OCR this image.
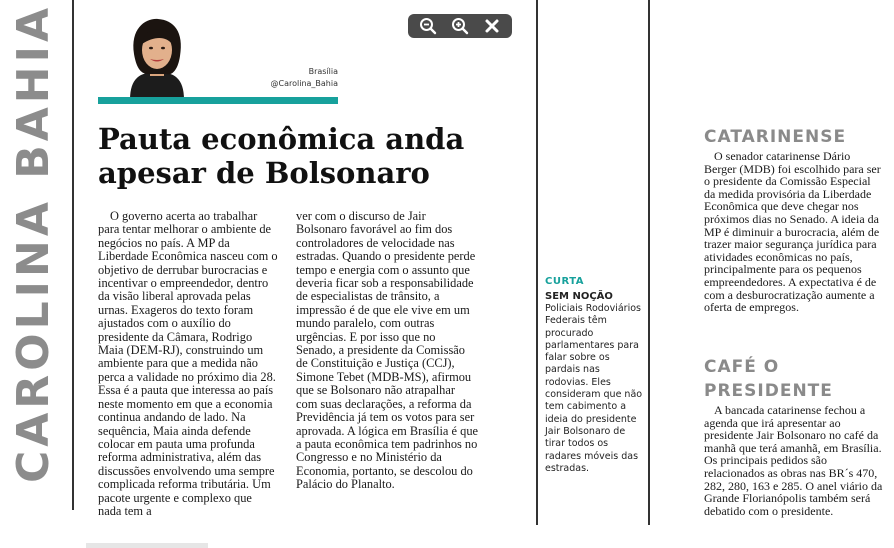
CAROLINA BAHIA	Brasília
@Carolina_Bahia
Pauta econômica anda apesar de Bolsonaro

O governo acerta ao trabalhar para tentar melhorar o ambiente de negócios no país. A MP da Liberdade Econômica nasceu com o objetivo de derrubar burocracias e incentivar o empreendedor, dentro da visão liberal aprovada pelas urnas. Exageros do texto foram ajustados com o auxílio do presidente da Câmara, Rodrigo Maia (DEM-RJ), construindo um ambiente para que a medida não perca a validade no próximo dia 28. Essa é a pauta que interessa ao país neste momento em que a economia continua andando de lado. Na sequência, Maia ainda defende colocar em pauta uma profunda reforma administrativa, além das discussões envolvendo uma sempre complicada reforma tributária. Um pacote urgente e complexo que nada tem a

ver com o discurso de Jair Bolsonaro favorável ao fim dos controladores de velocidade nas estradas. Quando o presidente perde tempo e energia com o assunto que deveria ficar sob a responsabilidade de especialistas de trânsito, a impressão é de que ele vive em um mundo paralelo, com outras urgências. E por isso que no Senado, a presidente da Comissão de Constituição e Justiça (CCJ), Simone Tebet (MDB-MS), afirmou que se Bolsonaro não atrapalhar com suas declarações, a reforma da Previdência já tem os votos para ser aprovada. A lógica em Brasília é que a pauta econômica tem padrinhos no Congresso e no Ministério da Economia, portanto, se descolou do Palácio do Planalto.

CURTA
SEM NOÇÃO

Policiais Rodoviários Federais têm procurado parlamentares para falar sobre os pardais nas rodovias. Eles consideram que não tem cabimento a ideia do presidente Jair Bolsonaro de tirar todos os radares móveis das estradas.

CATARINENSE

O senador catarinense Dário Berger (MDB) foi escolhido para ser o presidente da Comissão Especial da medida provisória da Liberdade Econômica que deve chegar nos próximos dias no Senado. A ideia da MP é diminuir a burocracia, além de trazer maior segurança jurídica para atividades econômicas no país, principalmente para os pequenos empreendedores. A expectativa é de com a desburocratização aumente a oferta de empregos.

CAFÉ O PRESIDENTE

A bancada catarinense fechou a agenda que irá apresentar ao presidente Jair Bolsonaro no café da manhã que terá amanhã, em Brasília. Os principais pedidos são relacionados as obras nas BR´s 470, 282, 280, 163 e 285. O anel viário da Grande Florianópolis também será debatido com o presidente.
